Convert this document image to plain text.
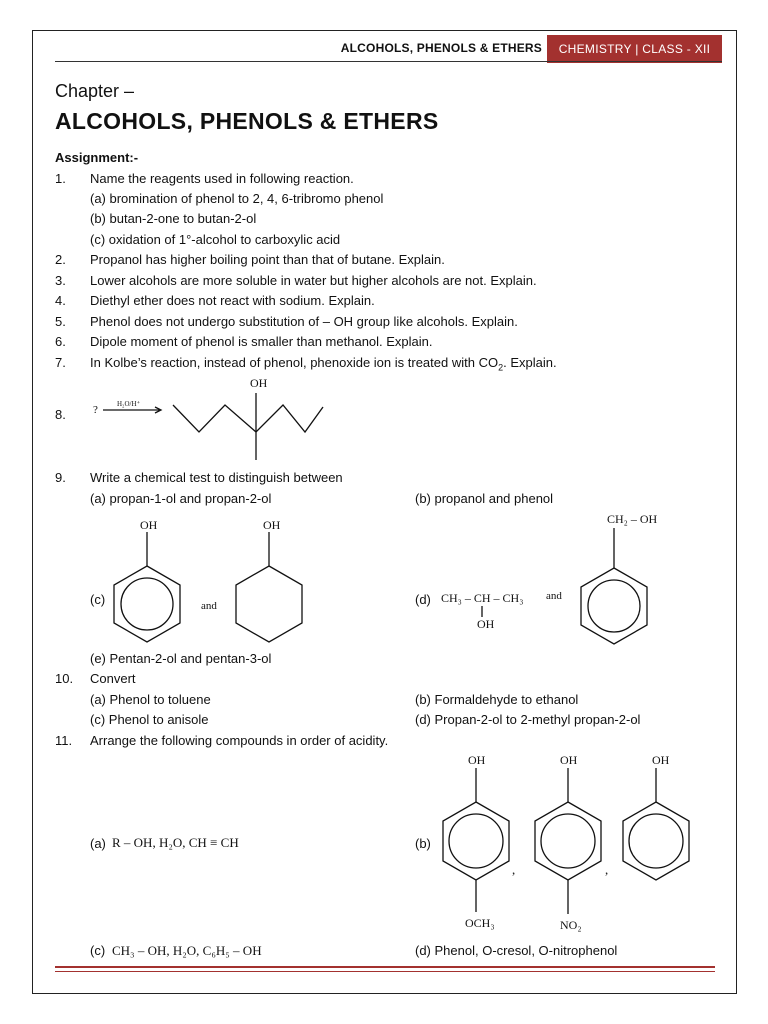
ALCOHOLS, PHENOLS & ETHERS	CHEMISTRY | CLASS - XII
Chapter –
ALCOHOLS, PHENOLS & ETHERS
Assignment:-
1. Name the reagents used in following reaction.
(a) bromination of phenol to 2, 4, 6-tribromo phenol
(b) butan-2-one to butan-2-ol
(c) oxidation of 1°-alcohol to carboxylic acid
2. Propanol has higher boiling point than that of butane. Explain.
3. Lower alcohols are more soluble in water but higher alcohols are not. Explain.
4. Diethyl ether does not react with sodium. Explain.
5. Phenol does not undergo substitution of – OH group like alcohols. Explain.
6. Dipole moment of phenol is smaller than methanol. Explain.
7. In Kolbe’s reaction, instead of phenol, phenoxide ion is treated with $CO_2$. Explain.
8. ?	H₂O/H⁺
OH
9. Write a chemical test to distinguish between
(a) propan-1-ol and propan-2-ol	(b) propanol and phenol
(c)
OH	OH
and	(d) CH₃ – CH – CH₃
OH
and
CH₂ – OH
(e) Pentan-2-ol and pentan-3-ol
10. Convert
(a) Phenol to toluene	(b) Formaldehyde to ethanol
(c) Phenol to anisole	(d) Propan-2-ol to 2-methyl propan-2-ol
11. Arrange the following compounds in order of acidity.
(a) R – OH, H₂O, CH ≡ CH	(b)
OH	OH	OH
OCH₃	NO₂
,	,
(c) CH₃ – OH, H₂O, C₆H₅ – OH	(d) Phenol, O-cresol, O-nitrophenol
